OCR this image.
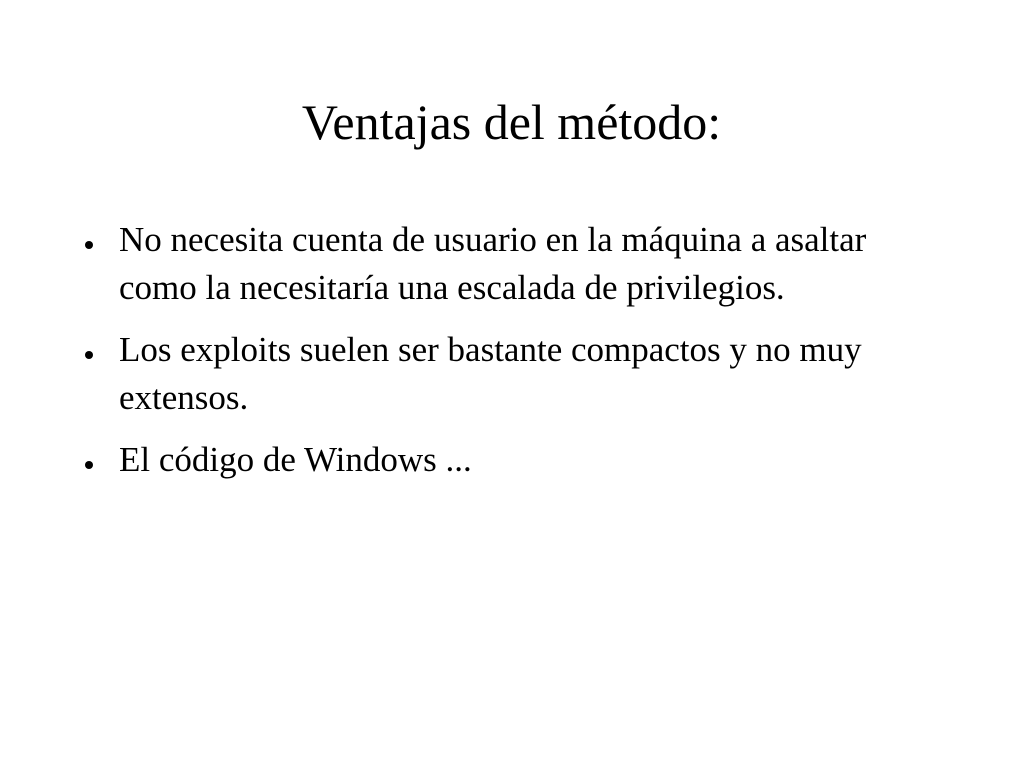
Ventajas del método:
No necesita cuenta de usuario en la máquina a asaltar como la necesitaría una escalada de privilegios.
Los exploits suelen ser bastante compactos y no muy extensos.
El código de Windows ...
